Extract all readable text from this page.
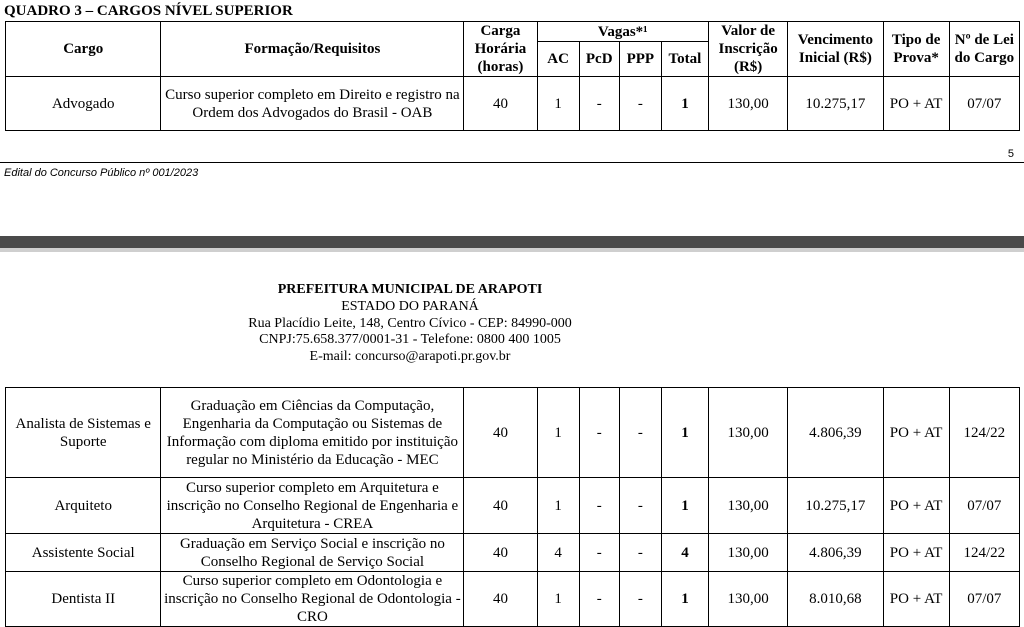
QUADRO 3 – CARGOS NÍVEL SUPERIOR
Cargo	Formação/Requisitos	Carga Horária (horas)	Vagas*¹				Valor de Inscrição (R$)	Vencimento Inicial (R$)	Tipo de Prova*	Nº de Lei do Cargo
			AC	PcD	PPP	Total				
Advogado	Curso superior completo em Direito e registro na Ordem dos Advogados do Brasil - OAB	40	1	-	-	1	130,00	10.275,17	PO + AT	07/07
5
Edital do Concurso Público nº 001/2023
PREFEITURA MUNICIPAL DE ARAPOTI
ESTADO DO PARANÁ
Rua Placídio Leite, 148, Centro Cívico - CEP: 84990-000
CNPJ:75.658.377/0001-31 - Telefone: 0800 400 1005
E-mail: concurso@arapoti.pr.gov.br
Analista de Sistemas e Suporte	Graduação em Ciências da Computação, Engenharia da Computação ou Sistemas de Informação com diploma emitido por instituição regular no Ministério da Educação - MEC	40	1	-	-	1	130,00	4.806,39	PO + AT	124/22
Arquiteto	Curso superior completo em Arquitetura e inscrição no Conselho Regional de Engenharia e Arquitetura - CREA	40	1	-	-	1	130,00	10.275,17	PO + AT	07/07
Assistente Social	Graduação em Serviço Social e inscrição no Conselho Regional de Serviço Social	40	4	-	-	4	130,00	4.806,39	PO + AT	124/22
Dentista II	Curso superior completo em Odontologia e inscrição no Conselho Regional de Odontologia - CRO	40	1	-	-	1	130,00	8.010,68	PO + AT	07/07
